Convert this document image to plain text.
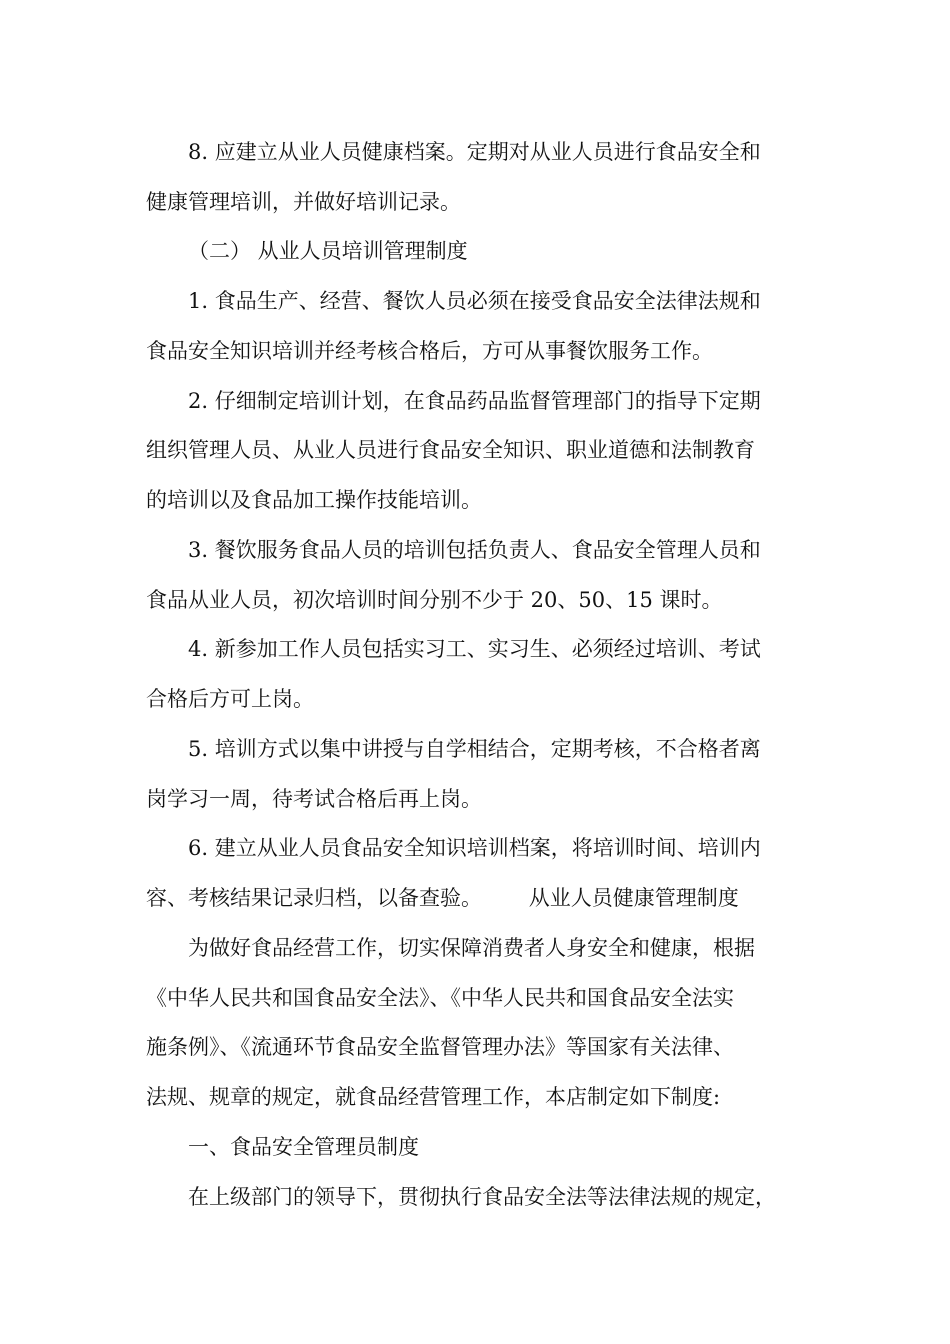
8. 应建立从业人员健康档案。定期对从业人员进行食品安全和
健康管理培训，并做好培训记录。
（二） 从业人员培训管理制度
1. 食品生产、经营、餐饮人员必须在接受食品安全法律法规和
食品安全知识培训并经考核合格后，方可从事餐饮服务工作。
2. 仔细制定培训计划，在食品药品监督管理部门的指导下定期
组织管理人员、从业人员进行食品安全知识、职业道德和法制教育
的培训以及食品加工操作技能培训。
3. 餐饮服务食品人员的培训包括负责人、食品安全管理人员和
食品从业人员，初次培训时间分别不少于 20、50、15 课时。
4. 新参加工作人员包括实习工、实习生、必须经过培训、考试
合格后方可上岗。
5. 培训方式以集中讲授与自学相结合，定期考核，不合格者离
岗学习一周，待考试合格后再上岗。
6. 建立从业人员食品安全知识培训档案，将培训时间、培训内
容、考核结果记录归档，以备查验。       从业人员健康管理制度
为做好食品经营工作，切实保障消费者人身安全和健康，根据
《中华人民共和国食品安全法》、《中华人民共和国食品安全法实
施条例》、《流通环节食品安全监督管理办法》等国家有关法律、
法规、规章的规定，就食品经营管理工作，本店制定如下制度:
一、食品安全管理员制度
在上级部门的领导下，贯彻执行食品安全法等法律法规的规定，
